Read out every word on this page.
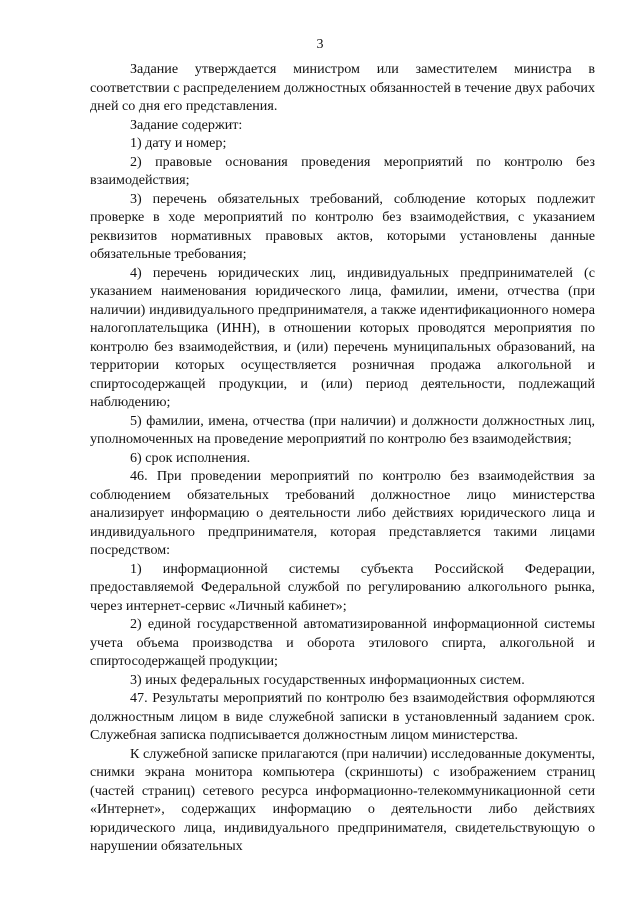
3

Задание утверждается министром или заместителем министра в соответствии с распределением должностных обязанностей в течение двух рабочих дней со дня его представления.

Задание содержит:

1) дату и номер;

2) правовые основания проведения мероприятий по контролю без взаимодействия;

3) перечень обязательных требований, соблюдение которых подлежит проверке в ходе мероприятий по контролю без взаимодействия, с указанием реквизитов нормативных правовых актов, которыми установлены данные обязательные требования;

4) перечень юридических лиц, индивидуальных предпринимателей (с указанием наименования юридического лица, фамилии, имени, отчества (при наличии) индивидуального предпринимателя, а также идентификационного номера налогоплательщика (ИНН), в отношении которых проводятся мероприятия по контролю без взаимодействия, и (или) перечень муниципальных образований, на территории которых осуществляется розничная продажа алкогольной и спиртосодержащей продукции, и (или) период деятельности, подлежащий наблюдению;

5) фамилии, имена, отчества (при наличии) и должности должностных лиц, уполномоченных на проведение мероприятий по контролю без взаимодействия;

6) срок исполнения.

46. При проведении мероприятий по контролю без взаимодействия за соблюдением обязательных требований должностное лицо министерства анализирует информацию о деятельности либо действиях юридического лица и индивидуального предпринимателя, которая представляется такими лицами посредством:

1) информационной системы субъекта Российской Федерации, предоставляемой Федеральной службой по регулированию алкогольного рынка, через интернет-сервис «Личный кабинет»;

2) единой государственной автоматизированной информационной системы учета объема производства и оборота этилового спирта, алкогольной и спиртосодержащей продукции;

3) иных федеральных государственных информационных систем.

47. Результаты мероприятий по контролю без взаимодействия оформляются должностным лицом в виде служебной записки в установленный заданием срок. Служебная записка подписывается должностным лицом министерства.

К служебной записке прилагаются (при наличии) исследованные документы, снимки экрана монитора компьютера (скриншоты) с изображением страниц (частей страниц) сетевого ресурса информационно-телекоммуникационной сети «Интернет», содержащих информацию о деятельности либо действиях юридического лица, индивидуального предпринимателя, свидетельствующую о нарушении обязательных
